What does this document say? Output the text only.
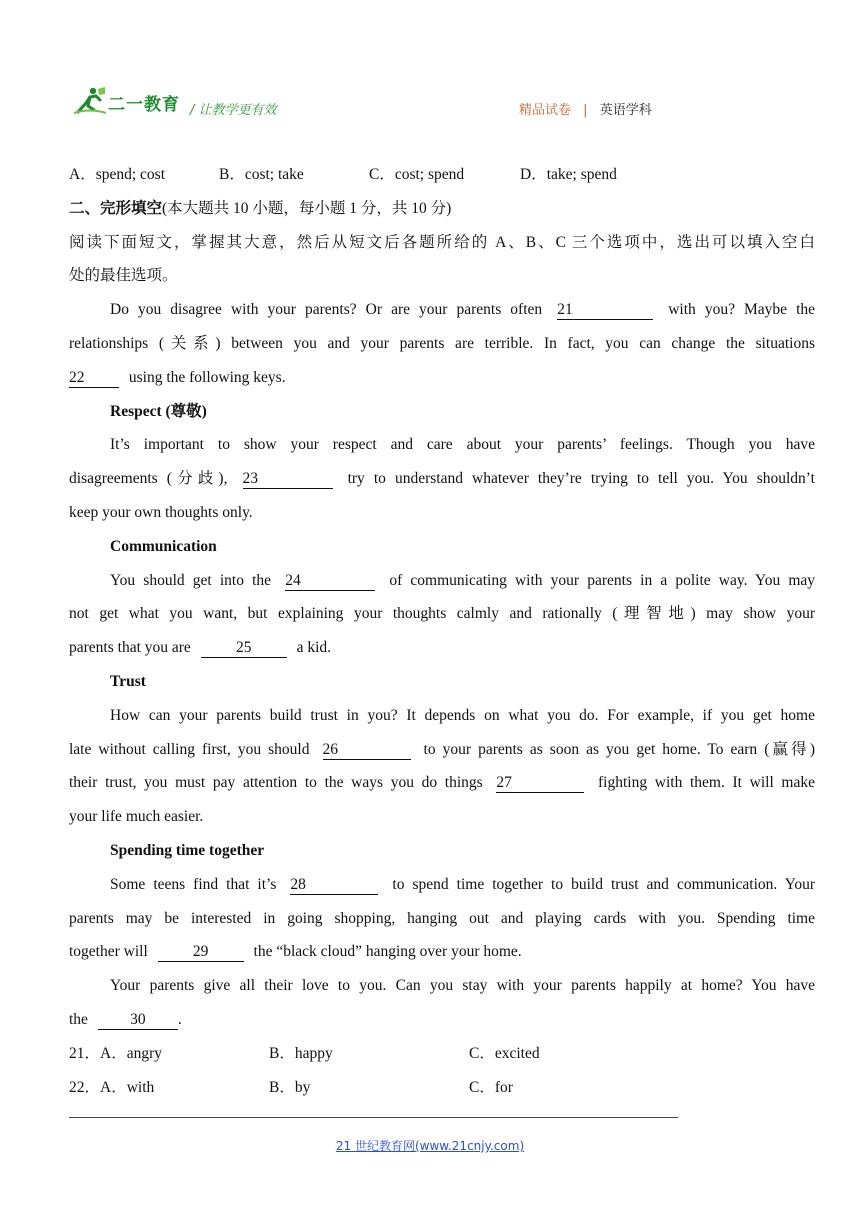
二一教育 / 让教学更有效	精品试卷 | 英语学科
A．spend; cost	B．cost; take	C．cost; spend	D．take; spend
二、完形填空(本大题共 10 小题，每小题 1 分，共 10 分)
阅读下面短文，掌握其大意，然后从短文后各题所给的 A、B、C 三个选项中，选出可以填入空白
处的最佳选项。
Do you disagree with your parents? Or are your parents often 21	with you? Maybe the
relationships (关系) between you and your parents are terrible. In fact, you can change the situations
22	using the following keys.
Respect (尊敬)
It’s important to show your respect and care about your parents’ feelings. Though you have
disagreements (分歧), 23	try to understand whatever they’re trying to tell you. You shouldn’t
keep your own thoughts only.
Communication
You should get into the 24	of communicating with your parents in a polite way. You may
not get what you want, but explaining your thoughts calmly and rationally (理智地) may show your
parents that you are	25	a kid.
Trust
How can your parents build trust in you? It depends on what you do. For example, if you get home
late without calling first, you should 26	to your parents as soon as you get home. To earn (赢得)
their trust, you must pay attention to the ways you do things 27	fighting with them. It will make
your life much easier.
Spending time together
Some teens find that it’s 28	to spend time together to build trust and communication. Your
parents may be interested in going shopping, hanging out and playing cards with you. Spending time
together will	29	the “black cloud” hanging over your home.
Your parents give all their love to you. Can you stay with your parents happily at home? You have
the	30 .
21．A．angry	B．happy	C．excited
22．A．with	B．by	C．for
21 世纪教育网(www.21cnjy.com)
